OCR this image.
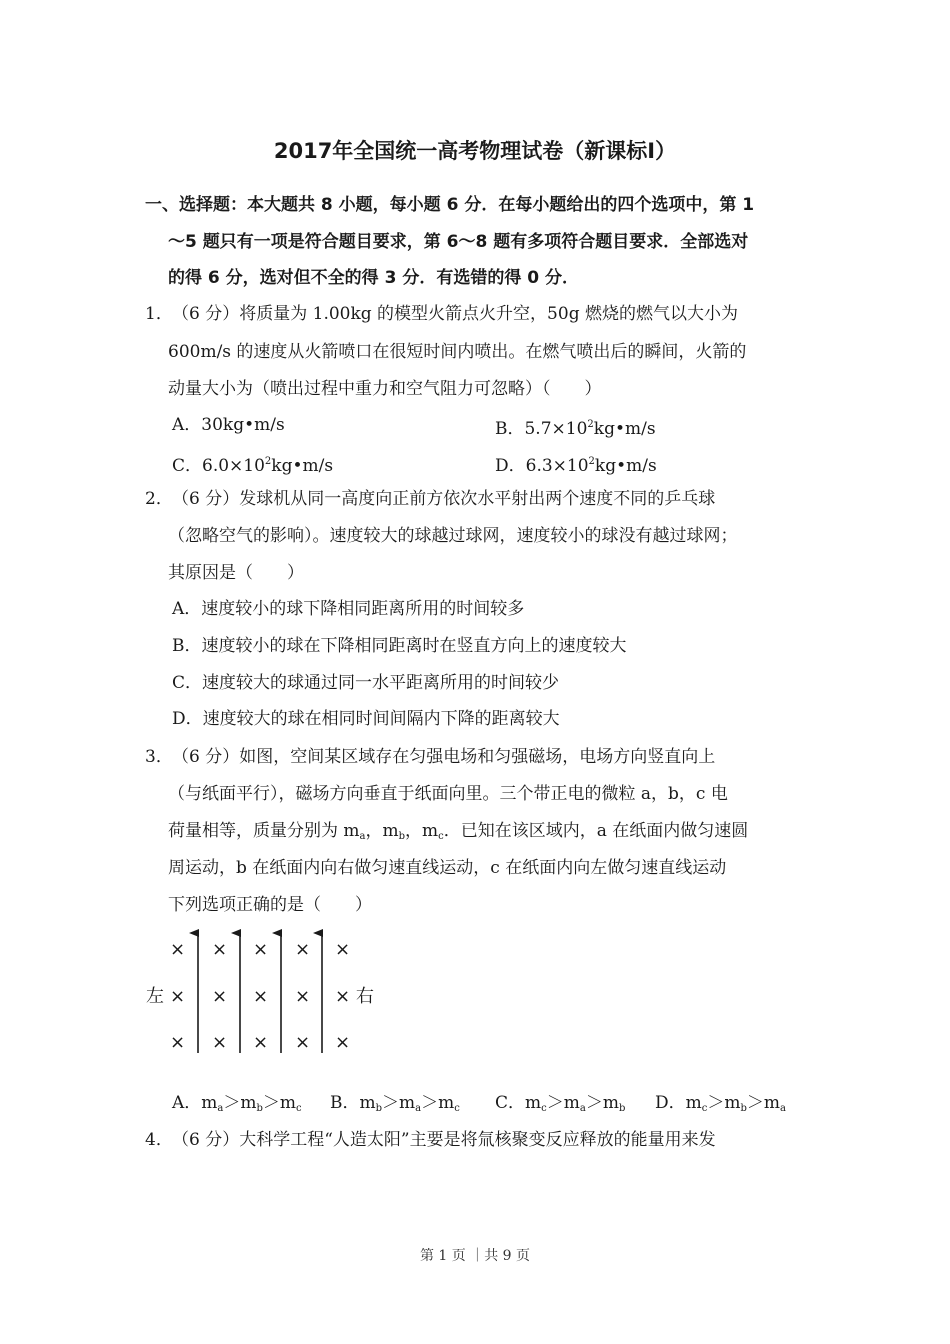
2017年全国统一高考物理试卷（新课标Ⅰ）
一、选择题：本大题共 8 小题，每小题 6 分．在每小题给出的四个选项中，第 1
～5 题只有一项是符合题目要求，第 6～8 题有多项符合题目要求．全部选对
的得 6 分，选对但不全的得 3 分．有选错的得 0 分．
1． （6 分）将质量为 1.00kg 的模型火箭点火升空，50g 燃烧的燃气以大小为
600m/s 的速度从火箭喷口在很短时间内喷出。在燃气喷出后的瞬间，火箭的
动量大小为（喷出过程中重力和空气阻力可忽略）（　　）
A．30kg•m/s	B．$5.7\times 10^2kg•m/s$
C．$6.0\times 10^2kg•m/s$	D．$6.3\times 10^2kg•m/s$
2． （6 分）发球机从同一高度向正前方依次水平射出两个速度不同的乒乓球
（忽略空气的影响）。速度较大的球越过球网，速度较小的球没有越过球网；
其原因是（　　）
A．速度较小的球下降相同距离所用的时间较多
B．速度较小的球在下降相同距离时在竖直方向上的速度较大
C．速度较大的球通过同一水平距离所用的时间较少
D．速度较大的球在相同时间间隔内下降的距离较大
3． （6 分）如图，空间某区域存在匀强电场和匀强磁场，电场方向竖直向上
（与纸面平行），磁场方向垂直于纸面向里。三个带正电的微粒 a，b，c 电
荷量相等，质量分别为 $m_a$，$m_b$，$m_c$．已知在该区域内，a 在纸面内做匀速圆
周运动，b 在纸面内向右做匀速直线运动，c 在纸面内向左做匀速直线运动
下列选项正确的是（　　）
× × × × ×
左 × × × × × 右
× × × × ×
A．$m_a>m_b>m_c$ B．$m_b>m_a>m_c$ C．$m_c>m_a>m_b$ D．$m_c>m_b>m_a$
4． （6 分）大科学工程“人造太阳”主要是将氚核聚变反应释放的能量用来发
第 1 页 ｜共 9 页
